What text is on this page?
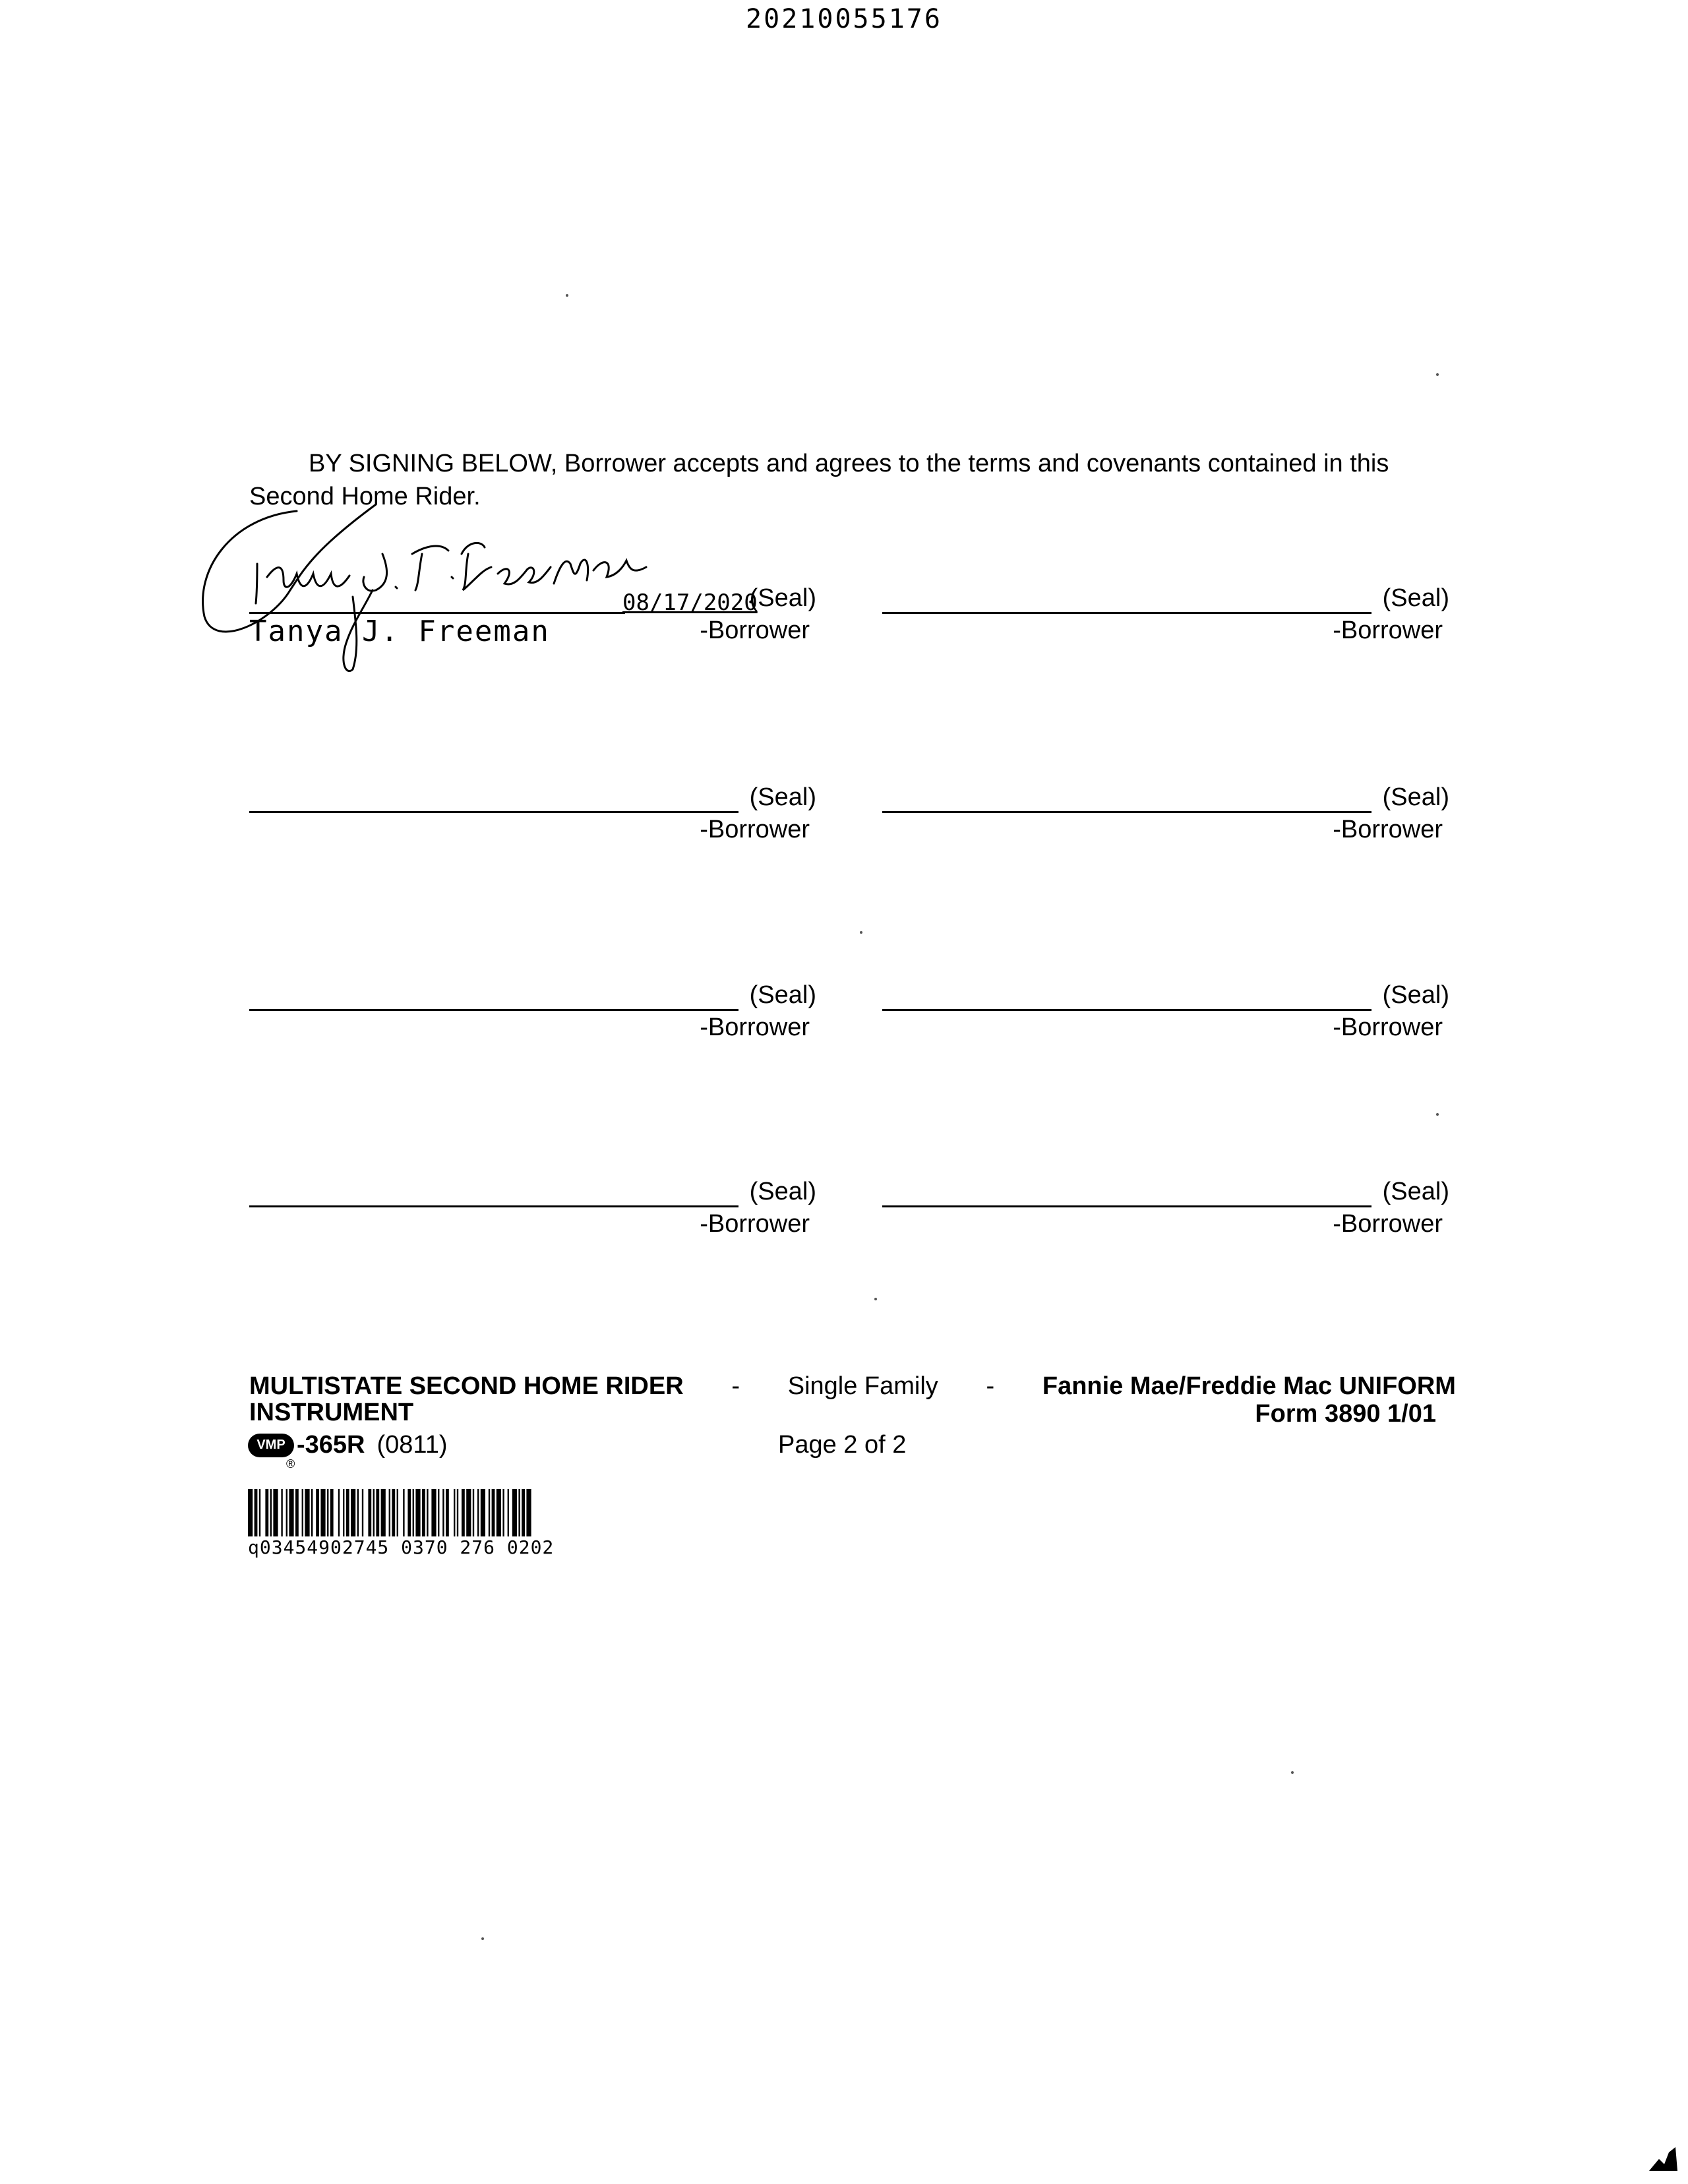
20210055176
BY SIGNING BELOW, Borrower accepts and agrees to the terms and covenants contained in this Second Home Rider.
08/17/2020
(Seal)
Tanya J. Freeman	-Borrower
(Seal)
-Borrower
(Seal)
-Borrower
(Seal)
-Borrower
(Seal)
-Borrower
(Seal)
-Borrower
(Seal)
-Borrower
(Seal)
-Borrower
MULTISTATE SECOND HOME RIDER - Single Family - Fannie Mae/Freddie Mac UNIFORM
INSTRUMENT	Form 3890 1/01
VMP -365R (0811)
®
Page 2 of 2
q03454902745 0370 276 0202
